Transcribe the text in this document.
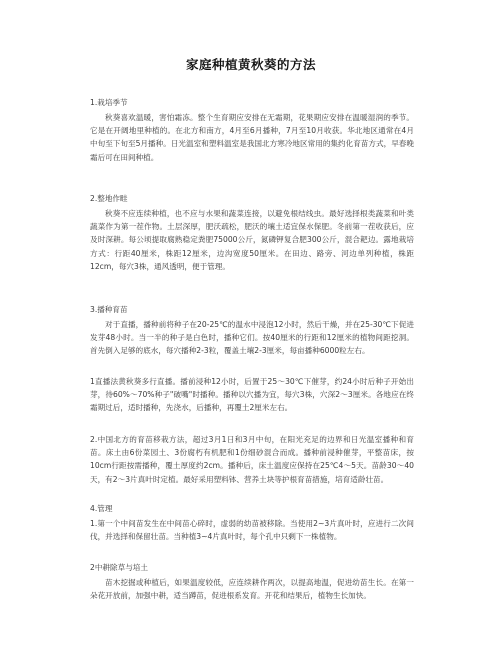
家庭种植黄秋葵的方法
1.栽培季节
秋葵喜欢温暖，害怕霜冻。整个生育期应安排在无霜期，花果期应安排在温暖湿润的季节。它是在开阔地里种植的。在北方和南方，4月至6月播种，7月至10月收获。华北地区通常在4月中旬至下旬至5月播种。日光温室和塑料温室是我国北方寒冷地区常用的集约化育苗方式，早春晚霜后可在田间种植。
2.整地作畦
秋葵不应连续种植，也不应与水果和蔬菜连接，以避免根结线虫。最好选择根类蔬菜和叶类蔬菜作为第一茬作物。土层深厚，肥沃疏松，肥沃的壤土适宜保水保肥。冬前第一茬收获后，应及时深耕。每公顷提取腐熟稳定粪肥75000公斤，氮磷钾复合肥300公斤，混合耙边。露地栽培方式：行距40厘米，株距12厘米，边沟宽度50厘米。在田边、路旁、河边单列种植，株距12cm，每穴3株，通风透明，便于管理。
3.播种育苗
对于直播，播种前将种子在20-25℃的温水中浸泡12小时，然后干燥，并在25-30℃下促进发芽48小时。当一半的种子是白色时，播种它们。按40厘米的行距和12厘米的植物间距挖洞。首先倒入足够的底水，每穴播种2-3粒，覆盖土壤2-3厘米，每亩播种6000粒左右。
1直播法黄秋葵多行直播。播前浸种12小时，后置于25～30℃下催芽，约24小时后种子开始出芽，待60%～70%种子"破嘴"时播种。播种以穴播为宜，每穴3株，穴深2～3厘米。各地应在终霜期过后，适时播种，先浇水，后播种，再覆土2厘米左右。
2.中国北方的育苗移栽方法，超过3月1日和3月中旬，在阳光充足的边界和日光温室播种和育苗。床土由6份菜园土、3份腐朽有机肥和1份细砂混合而成。播种前浸种催芽，平整苗床，按10cm行距按需播种，覆土厚度约2cm。播种后，床土温度应保持在25℃4～5天。苗龄30～40天，有2～3片真叶时定植。最好采用塑料钵、营养土块等护根育苗措施，培育适龄壮苗。
4.管理
1.第一个中间苗发生在中间苗心碎时，虚弱的幼苗被移除。当使用2~3片真叶时，应进行二次间伐，并选择和保留壮苗。当种植3~4片真叶时，每个孔中只剩下一株植物。
2中耕除草与培土
苗木挖掘或种植后，如果温度较低，应连续耕作两次，以提高地温，促进幼苗生长。在第一朵花开放前，加强中耕，适当蹲苗，促进根系发育。开花和结果后，植物生长加快。
